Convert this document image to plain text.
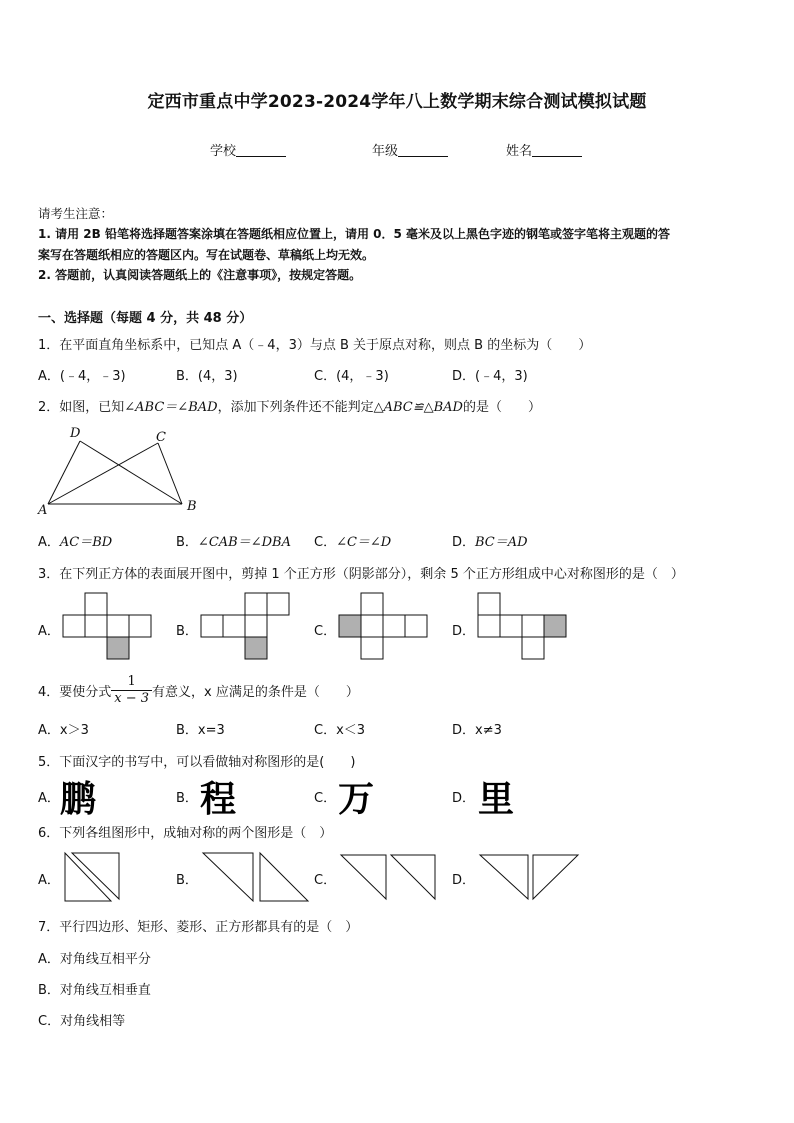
定西市重点中学2023-2024学年八上数学期末综合测试模拟试题
学校	年级	姓名
请考生注意：
1. 请用 2B 铅笔将选择题答案涂填在答题纸相应位置上，请用 0．5 毫米及以上黑色字迹的钢笔或签字笔将主观题的答
案写在答题纸相应的答题区内。写在试题卷、草稿纸上均无效。
2. 答题前，认真阅读答题纸上的《注意事项》，按规定答题。
一、选择题（每题 4 分，共 48 分）
1．在平面直角坐标系中，已知点 A（﹣4，3）与点 B 关于原点对称，则点 B 的坐标为（　　）
A．(﹣4，﹣3)	B．(4，3)	C．(4，﹣3)	D．(﹣4，3)
2．如图，已知∠ABC＝∠BAD，添加下列条件还不能判定△ABC≌△BAD的是（　　）
D	C
A	B
A．AC＝BD	B．∠CAB＝∠DBA C．∠C＝∠D	D．BC＝AD
3．在下列正方体的表面展开图中，剪掉 1 个正方形（阴影部分），剩余 5 个正方形组成中心对称图形的是（　）
A．	B．	C．	D．
4．要使分式 $\frac{1}{x - 3}$ 有意义，x 应满足的条件是（　　）
A．x＞3	B．x=3	C．x＜3	D．x≠3
5．下面汉字的书写中，可以看做轴对称图形的是(　　)
A． 鹏	B． 程	C． 万	D． 里
6．下列各组图形中，成轴对称的两个图形是（　）
A．	B．	C．	D．
7．平行四边形、矩形、菱形、正方形都具有的是（　）
A．对角线互相平分
B．对角线互相垂直
C．对角线相等
